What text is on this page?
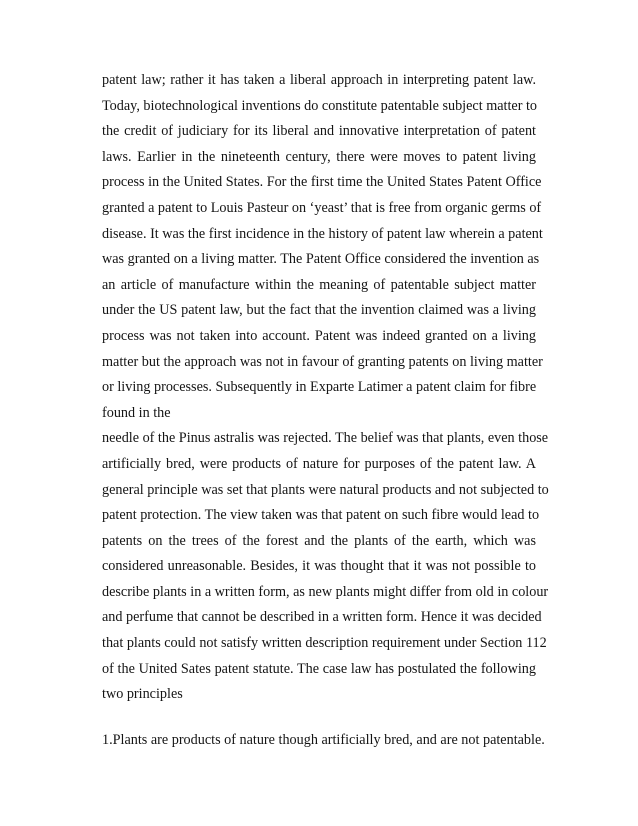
patent law; rather it has taken a liberal approach in interpreting patent law.
Today, biotechnological inventions do constitute patentable subject matter to
the credit of judiciary for its liberal and innovative interpretation of patent
laws. Earlier in the nineteenth century, there were moves to patent living
process in the United States. For the first time the United States Patent Office
granted a patent to Louis Pasteur on ‘yeast’ that is free from organic germs of
disease. It was the first incidence in the history of patent law wherein a patent
was granted on a living matter. The Patent Office considered the invention as
an article of manufacture within the meaning of patentable subject matter
under the US patent law, but the fact that the invention claimed was a living
process was not taken into account. Patent was indeed granted on a living
matter but the approach was not in favour of granting patents on living matter
or living processes. Subsequently in Exparte Latimer a patent claim for fibre
found in the
needle of the Pinus astralis was rejected. The belief was that plants, even those
artificially bred, were products of nature for purposes of the patent law. A
general principle was set that plants were natural products and not subjected to
patent protection. The view taken was that patent on such fibre would lead to
patents on the trees of the forest and the plants of the earth, which was
considered unreasonable. Besides, it was thought that it was not possible to
describe plants in a written form, as new plants might differ from old in colour
and perfume that cannot be described in a written form. Hence it was decided
that plants could not satisfy written description requirement under Section 112
of the United Sates patent statute. The case law has postulated the following
two principles
1.Plants are products of nature though artificially bred, and are not patentable.
